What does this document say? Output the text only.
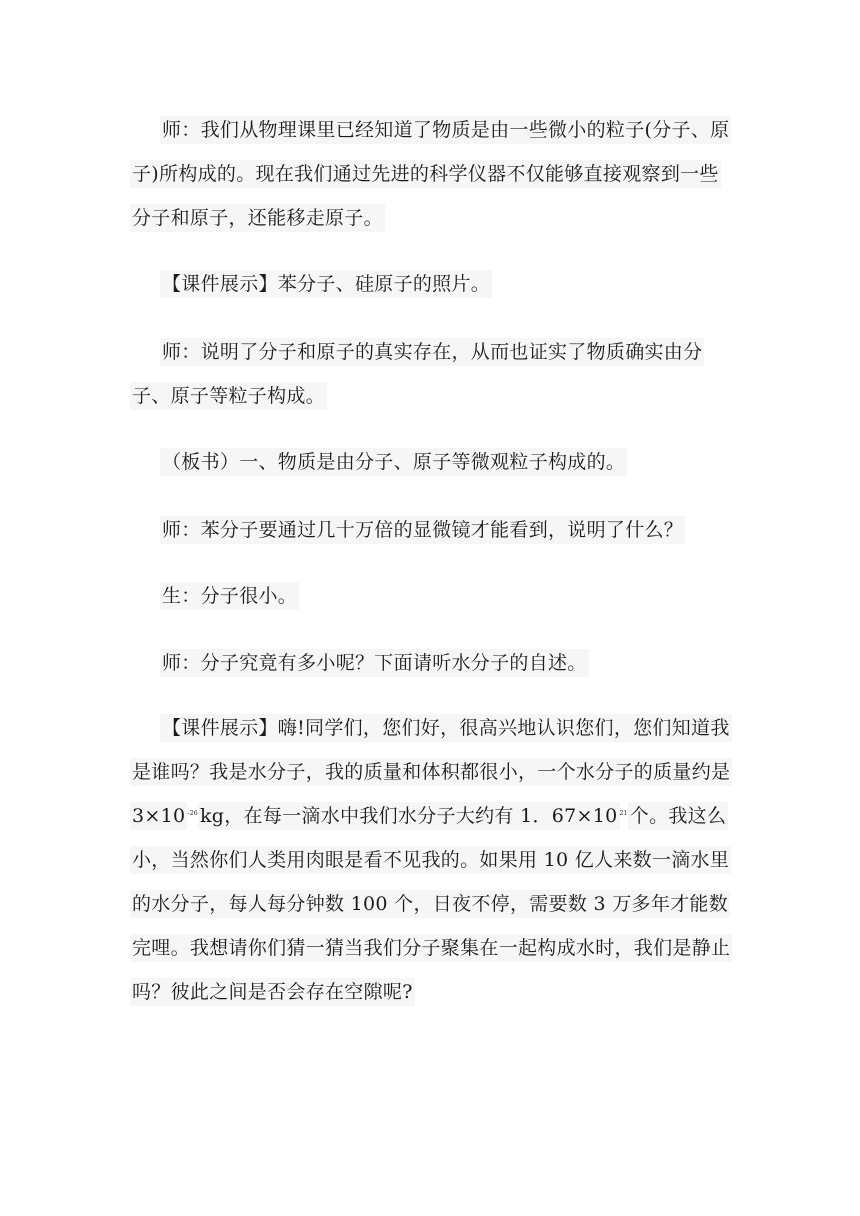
师：我们从物理课里已经知道了物质是由一些微小的粒子(分子、原子)所构成的。现在我们通过先进的科学仪器不仅能够直接观察到一些分子和原子，还能移走原子。

【课件展示】苯分子、硅原子的照片。

师：说明了分子和原子的真实存在，从而也证实了物质确实由分子、原子等粒子构成。

（板书）一、物质是由分子、原子等微观粒子构成的。

师：苯分子要通过几十万倍的显微镜才能看到，说明了什么？

生：分子很小。

师：分子究竟有多小呢？下面请听水分子的自述。

【课件展示】嗨!同学们，您们好，很高兴地认识您们，您们知道我是谁吗？我是水分子，我的质量和体积都很小，一个水分子的质量约是 3×10 $^{-26}$ kg，在每一滴水中我们水分子大约有 1．67×10 $^{21}$ 个。我这么小，当然你们人类用肉眼是看不见我的。如果用 10 亿人来数一滴水里的水分子，每人每分钟数 100 个，日夜不停，需要数 3 万多年才能数完哩。我想请你们猜一猜当我们分子聚集在一起构成水时，我们是静止吗？彼此之间是否会存在空隙呢?
